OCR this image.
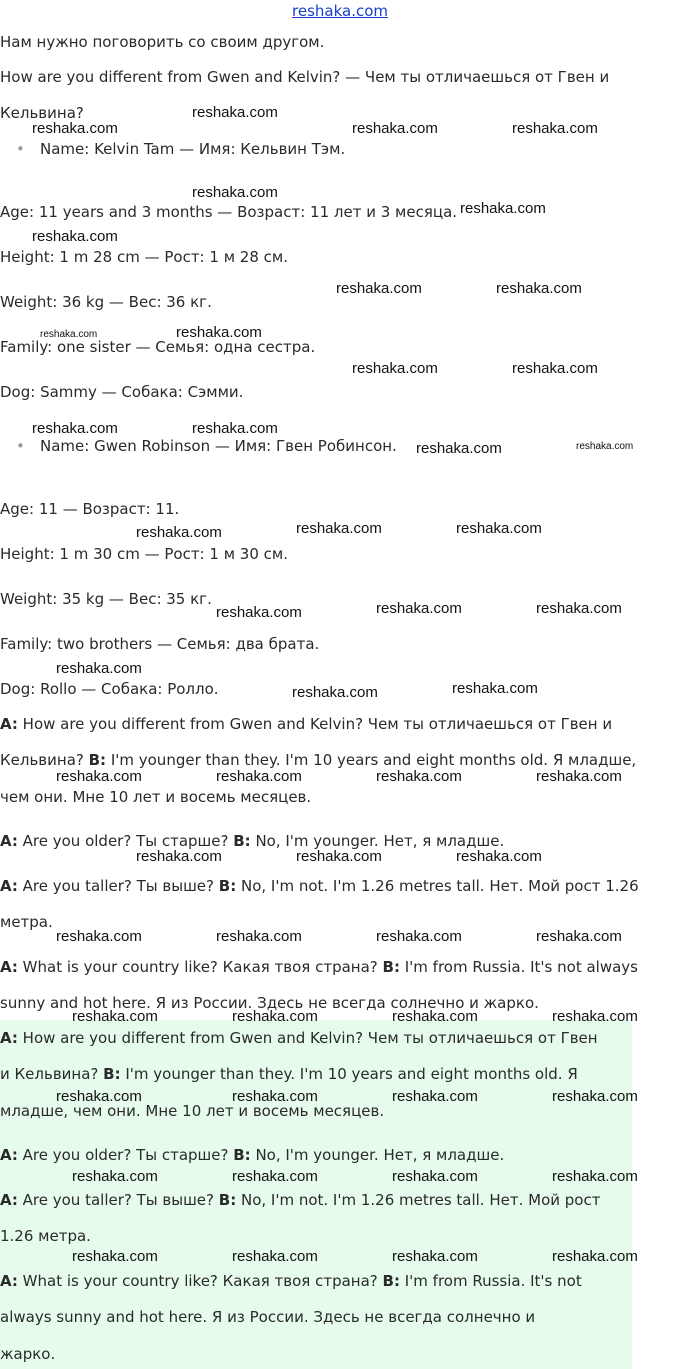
reshaka.com
Нам нужно поговорить со своим другом.
How are you different from Gwen and Kelvin? — Чем ты отличаешься от Гвен и
Кельвина?
• Name: Kelvin Tam — Имя: Кельвин Тэм.
Age: 11 years and 3 months — Возраст: 11 лет и 3 месяца.
Height: 1 m 28 cm — Рост: 1 м 28 см.
Weight: 36 kg — Вес: 36 кг.
Family: one sister — Семья: одна сестра.
Dog: Sammy — Собака: Сэмми.
• Name: Gwen Robinson — Имя: Гвен Робинсон.
Age: 11 — Возраст: 11.
Height: 1 m 30 cm — Рост: 1 м 30 см.
Weight: 35 kg — Вес: 35 кг.
Family: two brothers — Семья: два брата.
Dog: Rollo — Собака: Ролло.
A: How are you different from Gwen and Kelvin? Чем ты отличаешься от Гвен и
Кельвина? B: I'm younger than they. I'm 10 years and eight months old. Я младше,
чем они. Мне 10 лет и восемь месяцев.
A: Are you older? Ты старше? B: No, I'm younger. Нет, я младше.
A: Are you taller? Ты выше? B: No, I'm not. I'm 1.26 metres tall. Нет. Мой рост 1.26
метра.
A: What is your country like? Какая твоя страна? B: I'm from Russia. It's not always
sunny and hot here. Я из России. Здесь не всегда солнечно и жарко.
A: How are you different from Gwen and Kelvin? Чем ты отличаешься от Гвен
и Кельвина? B: I'm younger than they. I'm 10 years and eight months old. Я
младше, чем они. Мне 10 лет и восемь месяцев.
A: Are you older? Ты старше? B: No, I'm younger. Нет, я младше.
A: Are you taller? Ты выше? B: No, I'm not. I'm 1.26 metres tall. Нет. Мой рост
1.26 метра.
A: What is your country like? Какая твоя страна? B: I'm from Russia. It's not
always sunny and hot here. Я из России. Здесь не всегда солнечно и
жарко.
reshaka.com
reshaka.com	reshaka.com	reshaka.com
reshaka.com
reshaka.com
reshaka.com
reshaka.com	reshaka.com
reshaka.com	reshaka.com
reshaka.com	reshaka.com
reshaka.com	reshaka.com
reshaka.com	reshaka.com
reshaka.com	reshaka.com	reshaka.com
reshaka.com	reshaka.com	reshaka.com
reshaka.com
reshaka.com	reshaka.com
reshaka.com	reshaka.com	reshaka.com	reshaka.com
reshaka.com	reshaka.com	reshaka.com
reshaka.com	reshaka.com	reshaka.com	reshaka.com
reshaka.com	reshaka.com	reshaka.com	reshaka.com
reshaka.com	reshaka.com	reshaka.com	reshaka.com
reshaka.com	reshaka.com	reshaka.com	reshaka.com
reshaka.com	reshaka.com	reshaka.com	reshaka.com
